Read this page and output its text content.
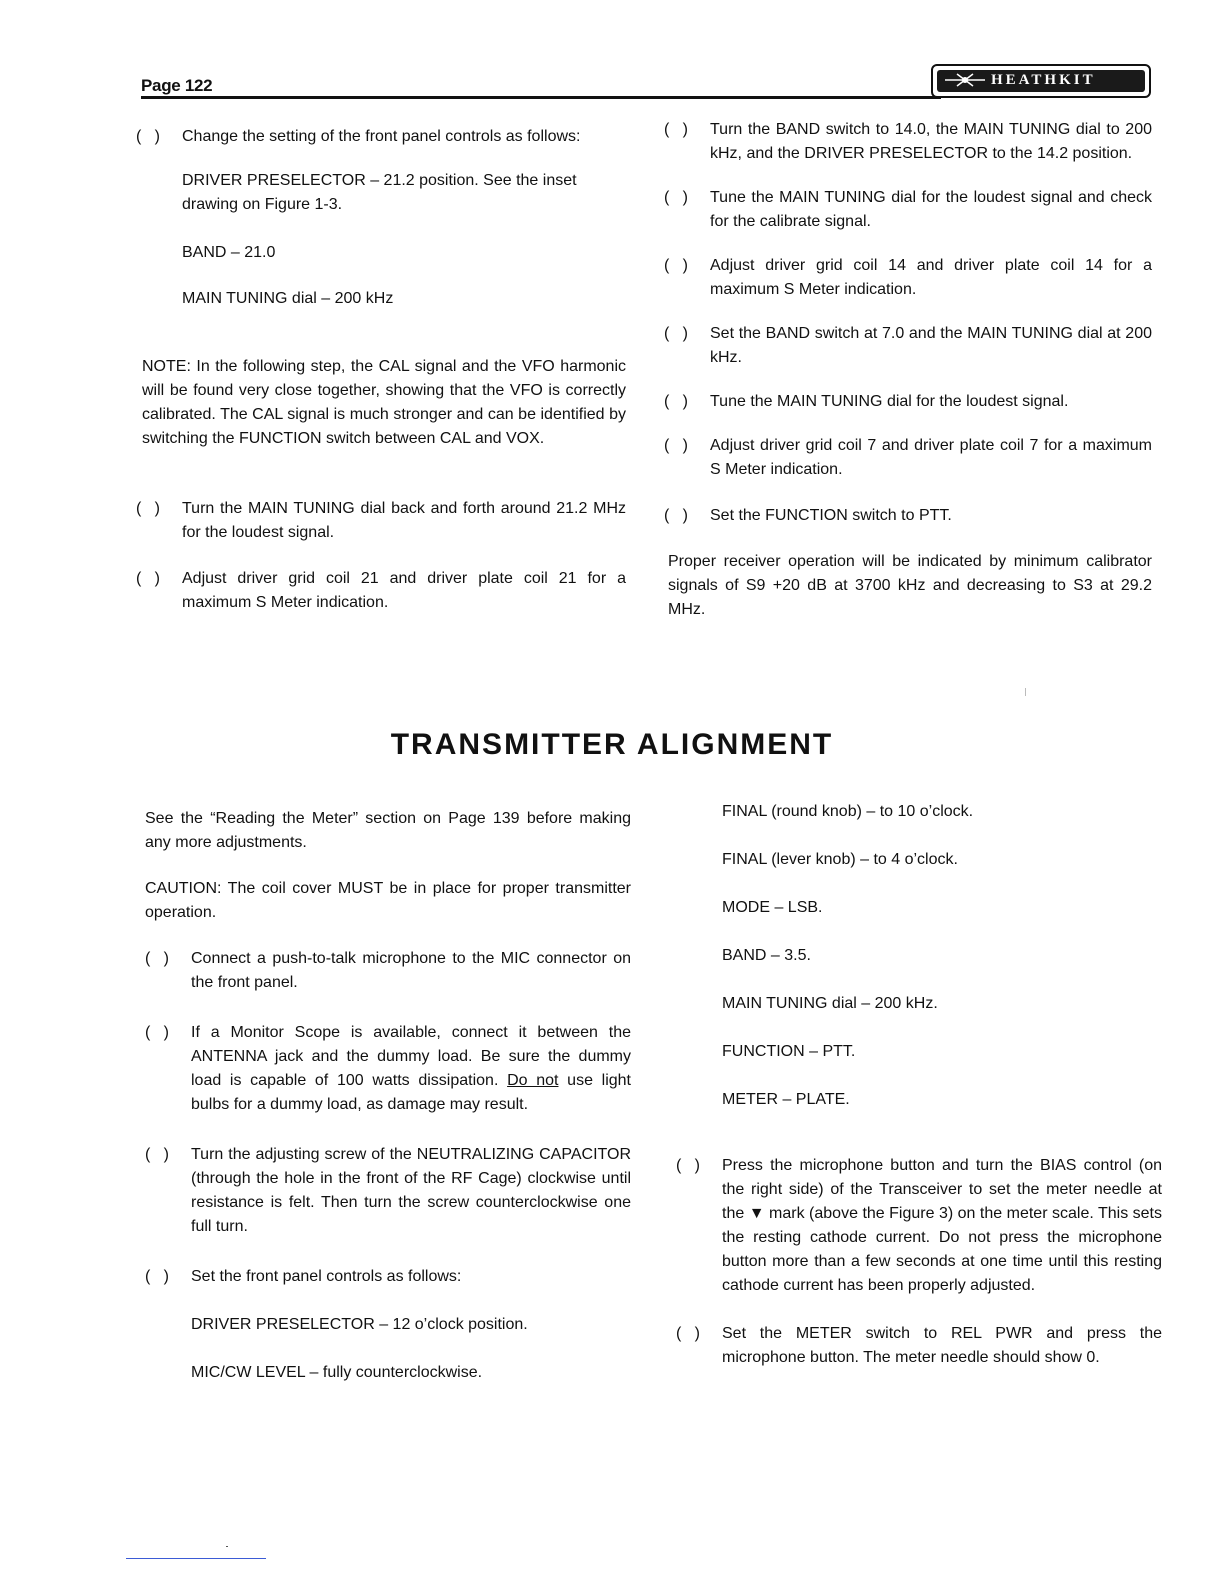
Page 122	HEATHKIT
(   ) Change the setting of the front panel controls as follows:

DRIVER PRESELECTOR – 21.2 position. See the inset drawing on Figure 1-3.

BAND – 21.0

MAIN TUNING dial – 200 kHz

NOTE: In the following step, the CAL signal and the VFO harmonic will be found very close together, showing that the VFO is correctly calibrated. The CAL signal is much stronger and can be identified by switching the FUNCTION switch between CAL and VOX.

(   ) Turn the MAIN TUNING dial back and forth around 21.2 MHz for the loudest signal.

(   ) Adjust driver grid coil 21 and driver plate coil 21 for a maximum S Meter indication.

(   ) Turn the BAND switch to 14.0, the MAIN TUNING dial to 200 kHz, and the DRIVER PRESELECTOR to the 14.2 position.

(   ) Tune the MAIN TUNING dial for the loudest signal and check for the calibrate signal.

(   ) Adjust driver grid coil 14 and driver plate coil 14 for a maximum S Meter indication.

(   ) Set the BAND switch at 7.0 and the MAIN TUNING dial at 200 kHz.

(   ) Tune the MAIN TUNING dial for the loudest signal.

(   ) Adjust driver grid coil 7 and driver plate coil 7 for a maximum S Meter indication.

(   ) Set the FUNCTION switch to PTT.

Proper receiver operation will be indicated by minimum calibrator signals of S9 +20 dB at 3700 kHz and decreasing to S3 at 29.2 MHz.

TRANSMITTER ALIGNMENT

See the “Reading the Meter” section on Page 139 before making any more adjustments.

CAUTION: The coil cover MUST be in place for proper transmitter operation.

(   ) Connect a push-to-talk microphone to the MIC connector on the front panel.

(   ) If a Monitor Scope is available, connect it between the ANTENNA jack and the dummy load. Be sure the dummy load is capable of 100 watts dissipation. Do not use light bulbs for a dummy load, as damage may result.

(   ) Turn the adjusting screw of the NEUTRALIZING CAPACITOR (through the hole in the front of the RF Cage) clockwise until resistance is felt. Then turn the screw counterclockwise one full turn.

(   ) Set the front panel controls as follows:

DRIVER PRESELECTOR – 12 o’clock position.

MIC/CW LEVEL – fully counterclockwise.

FINAL (round knob) – to 10 o’clock.

FINAL (lever knob) – to 4 o’clock.

MODE – LSB.

BAND – 3.5.

MAIN TUNING dial – 200 kHz.

FUNCTION – PTT.

METER – PLATE.

(   ) Press the microphone button and turn the BIAS control (on the right side) of the Transceiver to set the meter needle at the ▼ mark (above the Figure 3) on the meter scale. This sets the resting cathode current. Do not press the microphone button more than a few seconds at one time until this resting cathode current has been properly adjusted.

(   ) Set the METER switch to REL PWR and press the microphone button. The meter needle should show 0.
